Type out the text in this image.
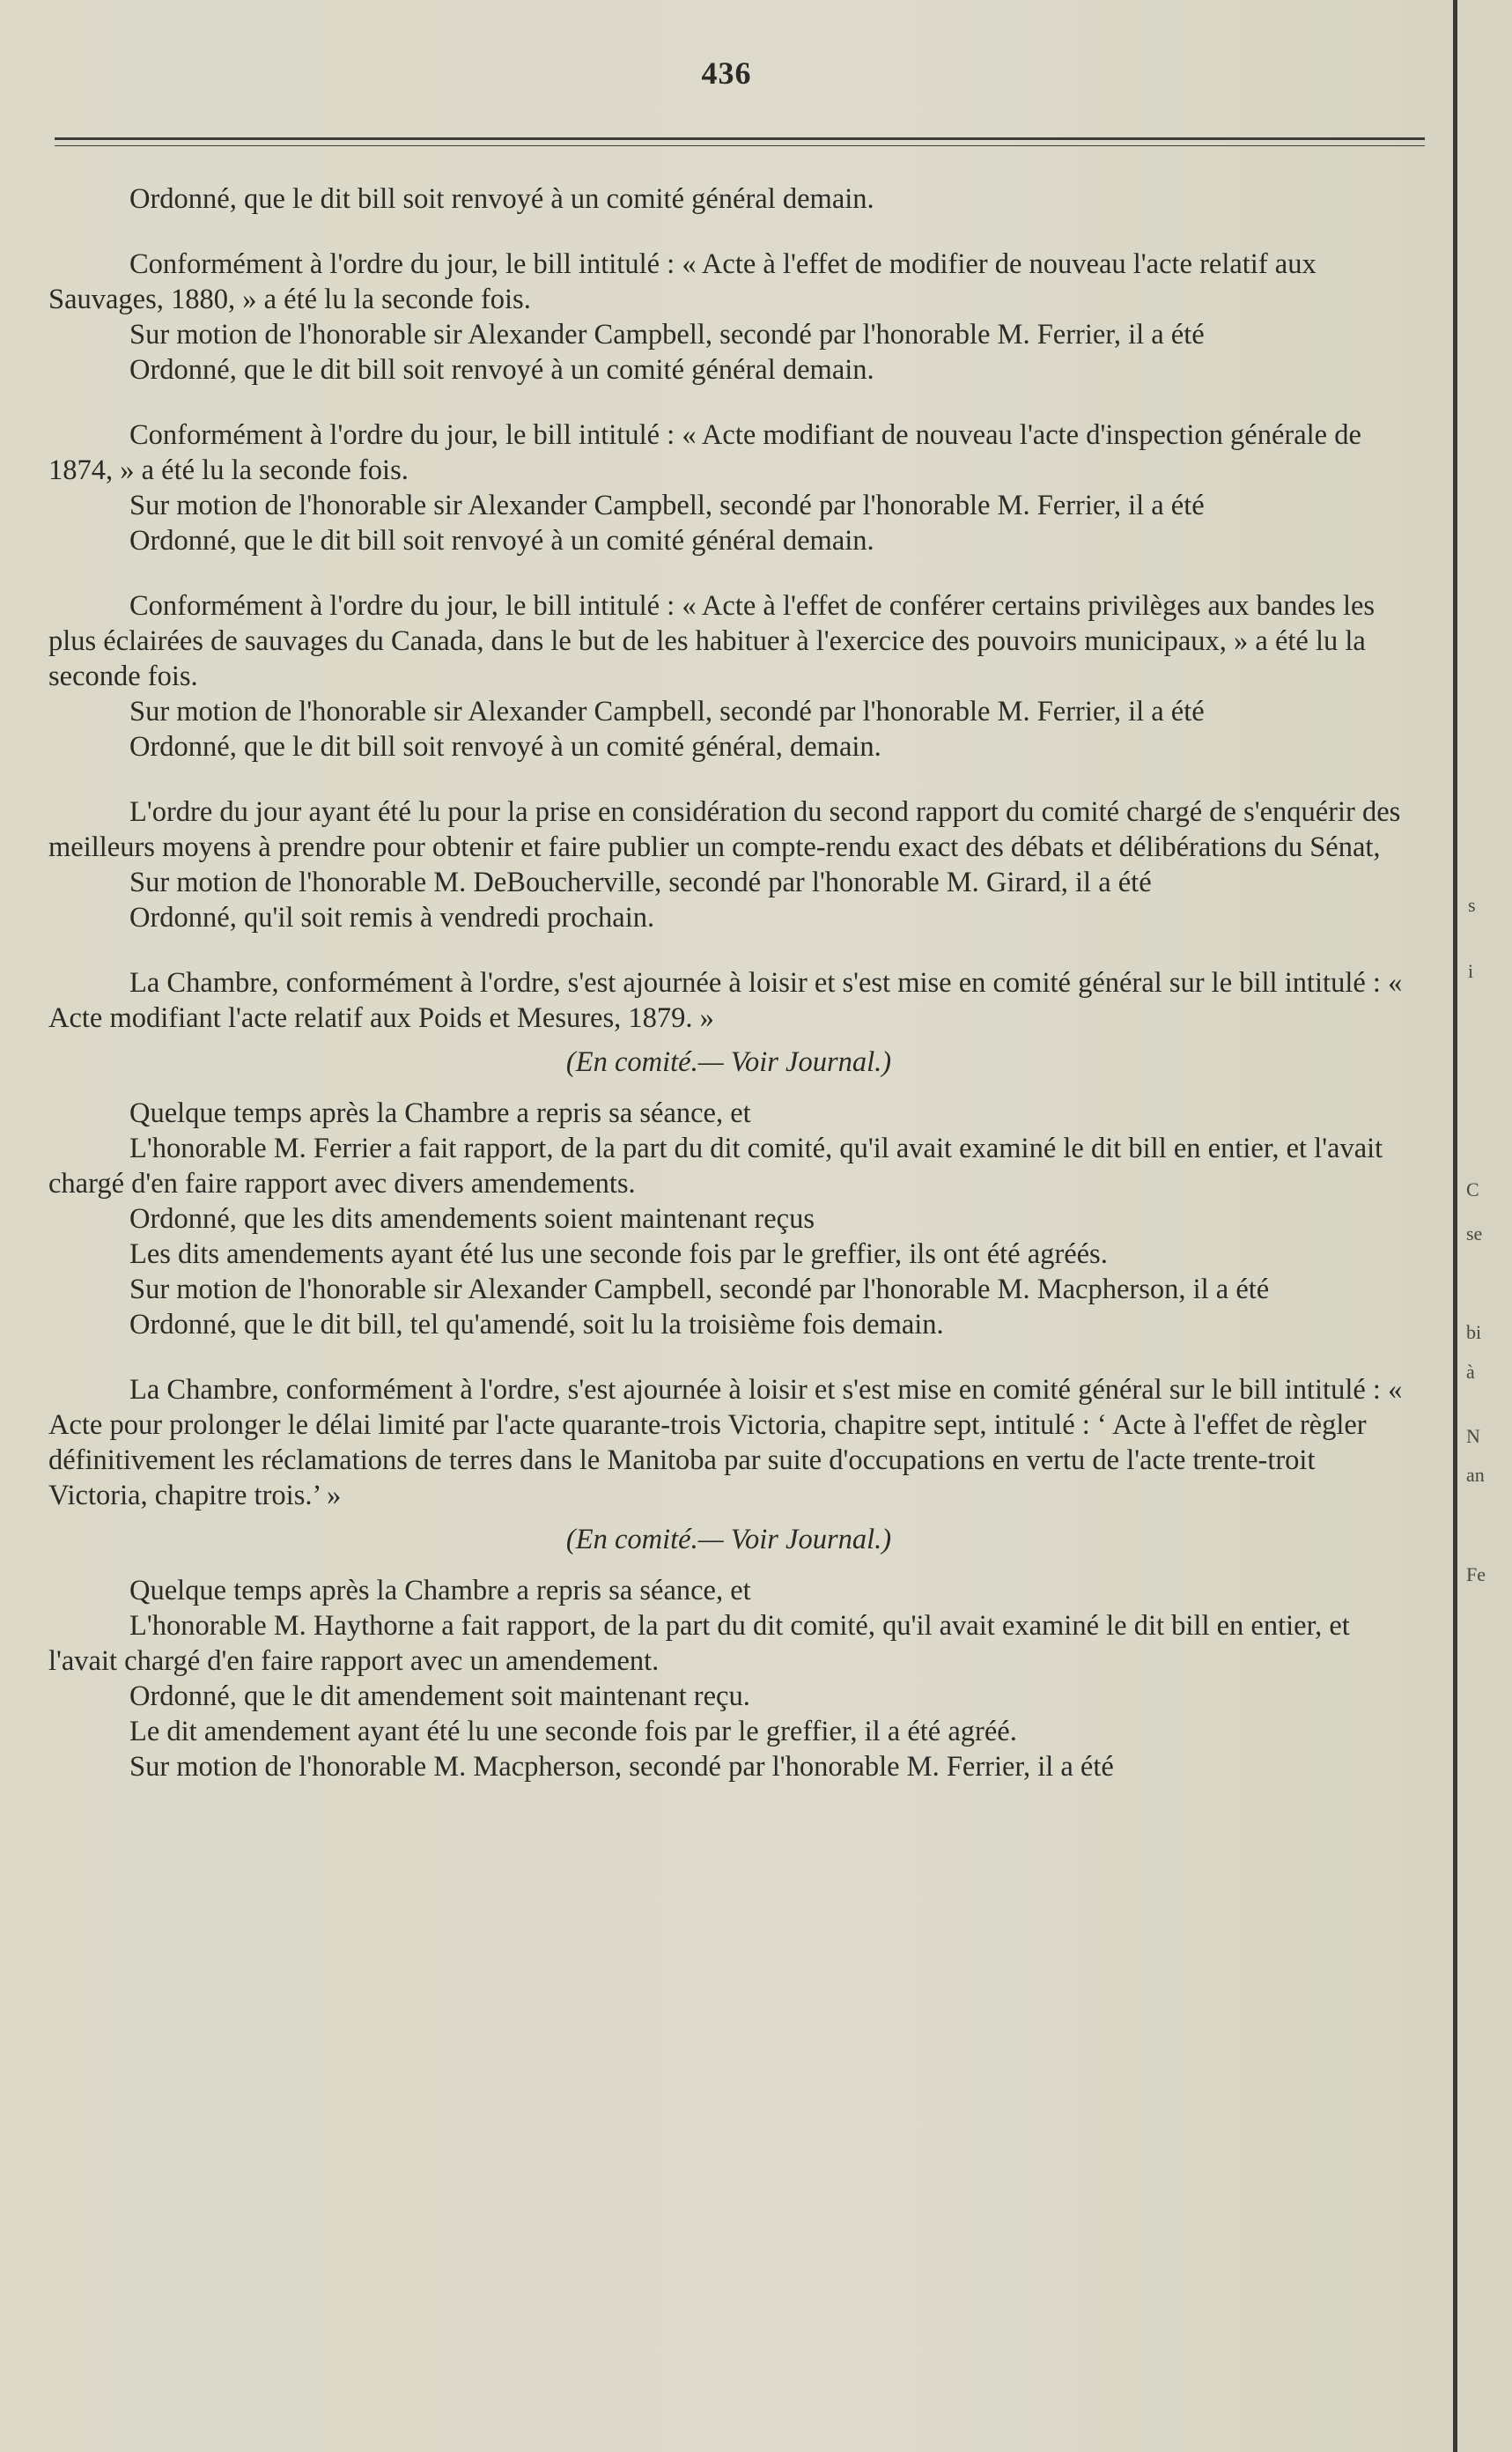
436

Ordonné, que le dit bill soit renvoyé à un comité général demain.

Conformément à l'ordre du jour, le bill intitulé : « Acte à l'effet de modifier de nouveau l'acte relatif aux Sauvages, 1880, » a été lu la seconde fois.

Sur motion de l'honorable sir Alexander Campbell, secondé par l'honorable M. Ferrier, il a été

Ordonné, que le dit bill soit renvoyé à un comité général demain.

Conformément à l'ordre du jour, le bill intitulé : « Acte modifiant de nouveau l'acte d'inspection générale de 1874, » a été lu la seconde fois.

Sur motion de l'honorable sir Alexander Campbell, secondé par l'honorable M. Ferrier, il a été

Ordonné, que le dit bill soit renvoyé à un comité général demain.

Conformément à l'ordre du jour, le bill intitulé : « Acte à l'effet de conférer certains privilèges aux bandes les plus éclairées de sauvages du Canada, dans le but de les habituer à l'exercice des pouvoirs municipaux, » a été lu la seconde fois.

Sur motion de l'honorable sir Alexander Campbell, secondé par l'honorable M. Ferrier, il a été

Ordonné, que le dit bill soit renvoyé à un comité général, demain.

L'ordre du jour ayant été lu pour la prise en considération du second rapport du comité chargé de s'enquérir des meilleurs moyens à prendre pour obtenir et faire publier un compte-rendu exact des débats et délibérations du Sénat,

Sur motion de l'honorable M. DeBoucherville, secondé par l'honorable M. Girard, il a été

Ordonné, qu'il soit remis à vendredi prochain.

La Chambre, conformément à l'ordre, s'est ajournée à loisir et s'est mise en comité général sur le bill intitulé : « Acte modifiant l'acte relatif aux Poids et Mesures, 1879. »

(En comité.— Voir Journal.)

Quelque temps après la Chambre a repris sa séance, et

L'honorable M. Ferrier a fait rapport, de la part du dit comité, qu'il avait examiné le dit bill en entier, et l'avait chargé d'en faire rapport avec divers amendements.

Ordonné, que les dits amendements soient maintenant reçus

Les dits amendements ayant été lus une seconde fois par le greffier, ils ont été agréés.

Sur motion de l'honorable sir Alexander Campbell, secondé par l'honorable M. Macpherson, il a été

Ordonné, que le dit bill, tel qu'amendé, soit lu la troisième fois demain.

La Chambre, conformément à l'ordre, s'est ajournée à loisir et s'est mise en comité général sur le bill intitulé : « Acte pour prolonger le délai limité par l'acte quarante-trois Victoria, chapitre sept, intitulé : ‘ Acte à l'effet de règler définitivement les réclamations de terres dans le Manitoba par suite d'occupations en vertu de l'acte trente-troit Victoria, chapitre trois.’ »

(En comité.— Voir Journal.)

Quelque temps après la Chambre a repris sa séance, et

L'honorable M. Haythorne a fait rapport, de la part du dit comité, qu'il avait examiné le dit bill en entier, et l'avait chargé d'en faire rapport avec un amendement.

Ordonné, que le dit amendement soit maintenant reçu.

Le dit amendement ayant été lu une seconde fois par le greffier, il a été agréé.

Sur motion de l'honorable M. Macpherson, secondé par l'honorable M. Ferrier, il a été

s
i
C
se
bi
à
N
an
Fe
